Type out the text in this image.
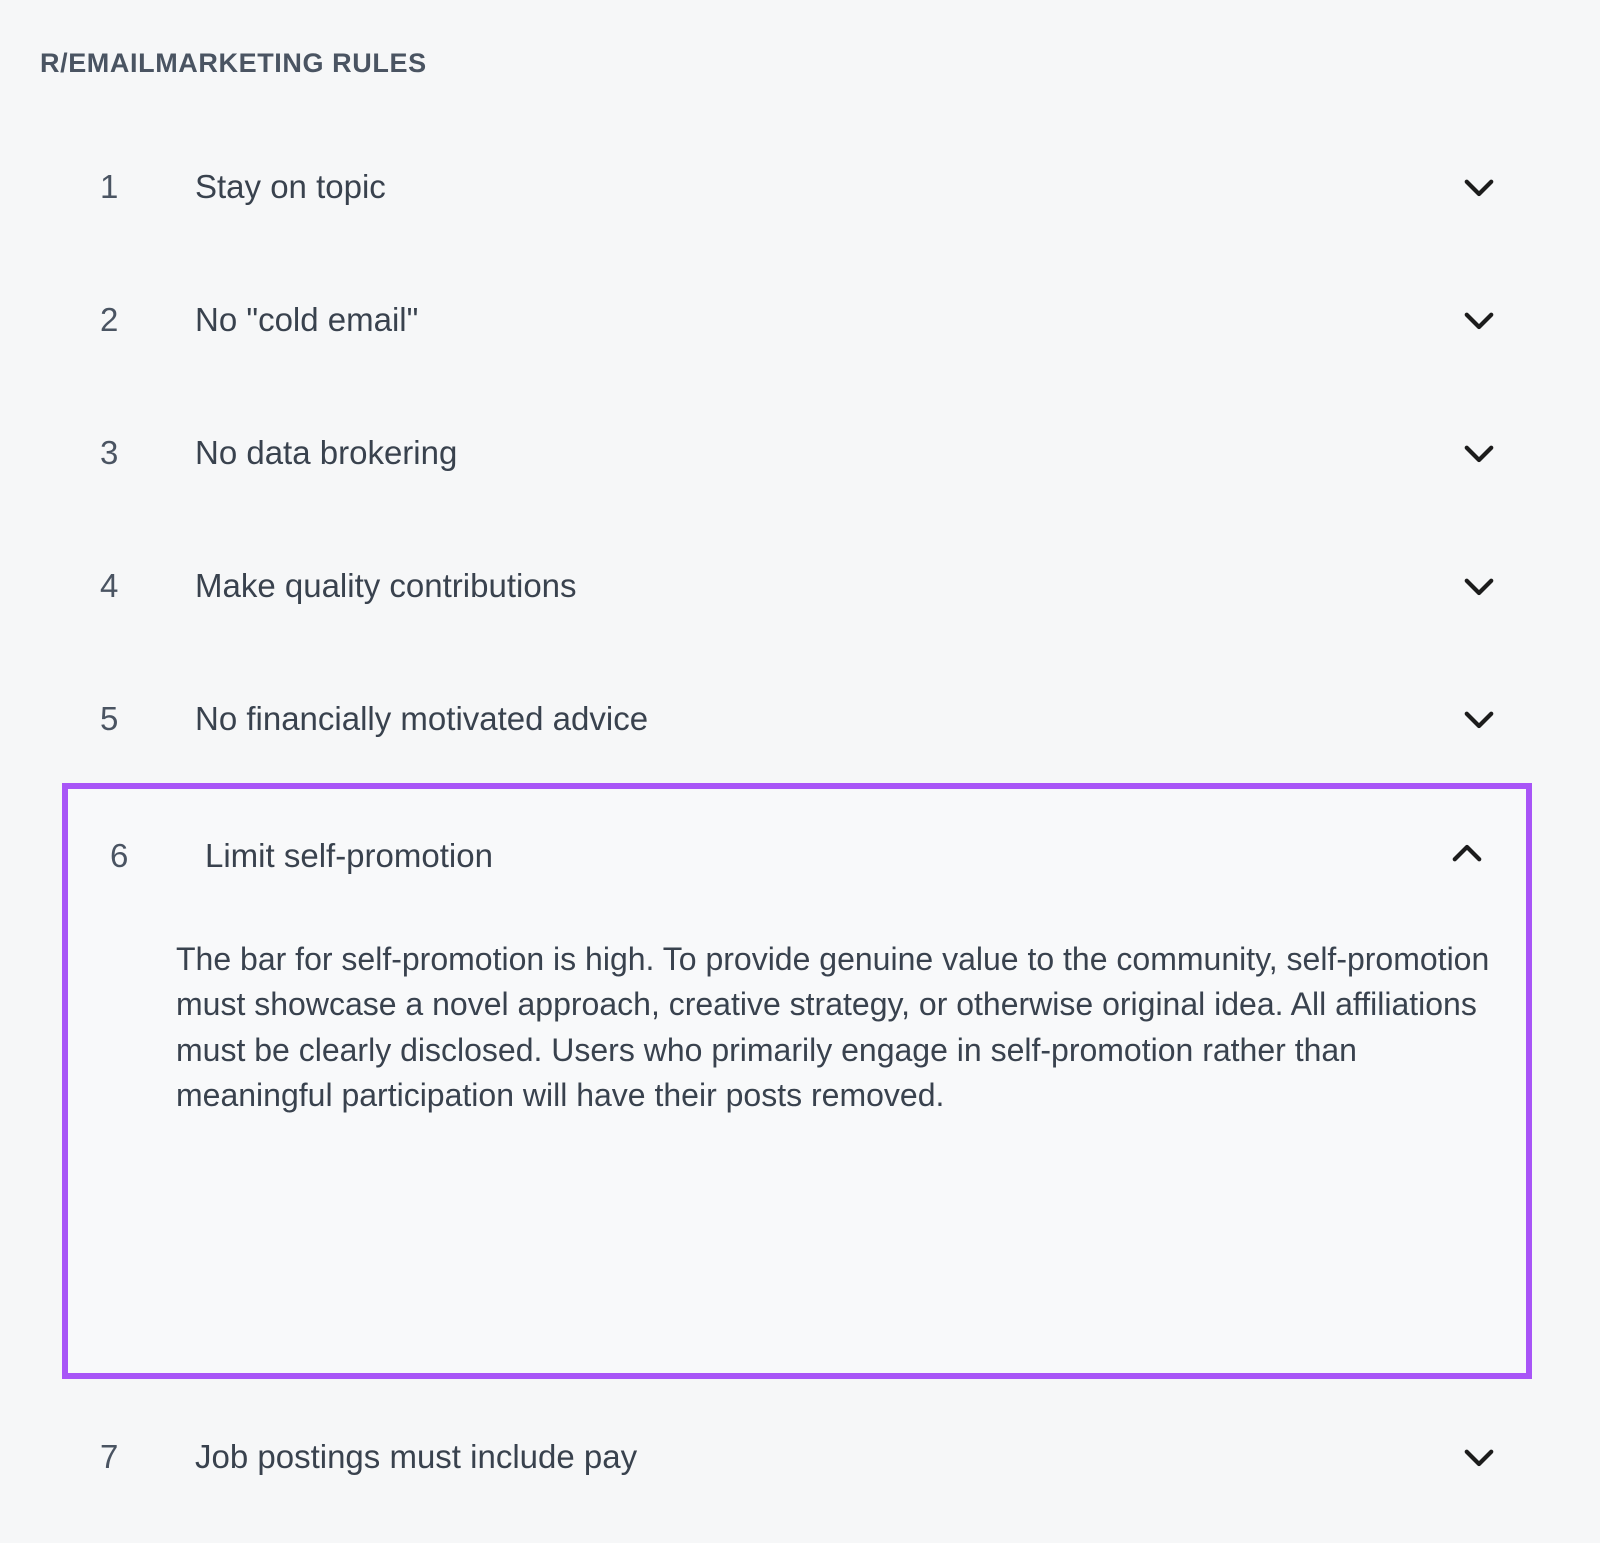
R/EMAILMARKETING RULES
1 Stay on topic
2 No "cold email"
3 No data brokering
4 Make quality contributions
5 No financially motivated advice
6 Limit self-promotion
The bar for self-promotion is high. To provide genuine value to the community, self-promotion must showcase a novel approach, creative strategy, or otherwise original idea. All affiliations must be clearly disclosed. Users who primarily engage in self-promotion rather than meaningful participation will have their posts removed.
7 Job postings must include pay
